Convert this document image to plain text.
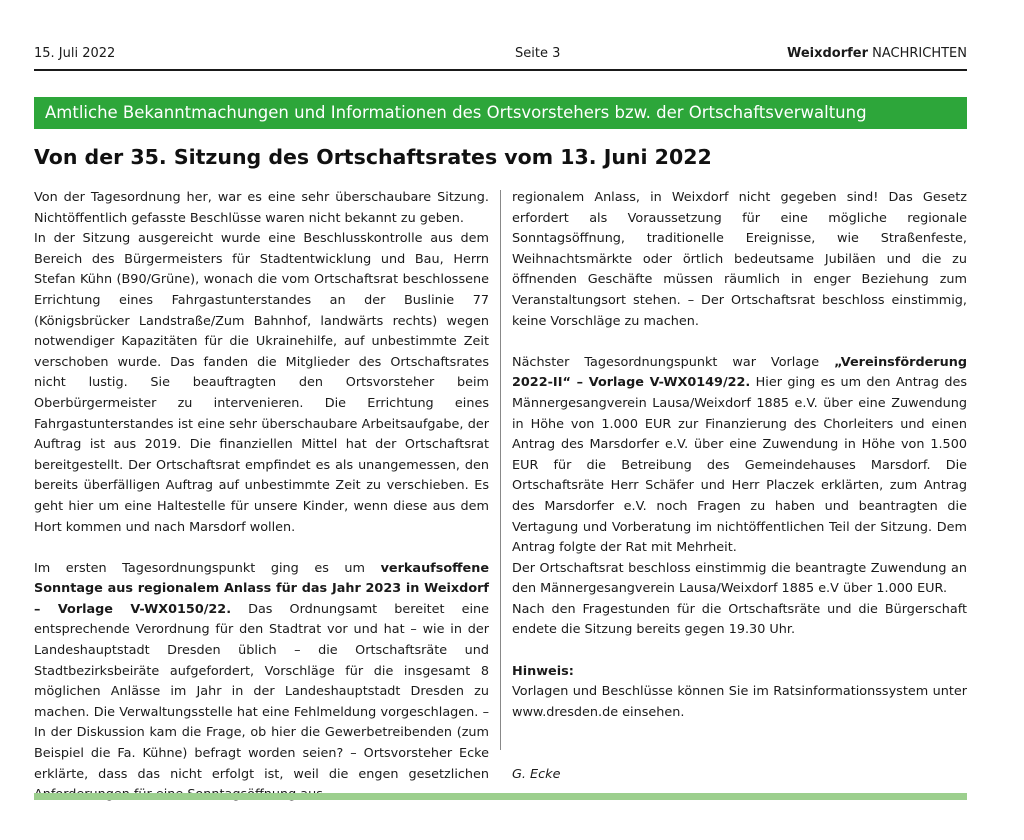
15. Juli 2022	Seite 3	Weixdorfer NACHRICHTEN
Amtliche Bekanntmachungen und Informationen des Ortsvorstehers bzw. der Ortschaftsverwaltung
Von der 35. Sitzung des Ortschaftsrates vom 13. Juni 2022

Von der Tagesordnung her, war es eine sehr überschaubare Sitzung. Nichtöffentlich gefasste Beschlüsse waren nicht bekannt zu geben.

In der Sitzung ausgereicht wurde eine Beschlusskontrolle aus dem Bereich des Bürgermeisters für Stadtentwicklung und Bau, Herrn Stefan Kühn (B90/Grüne), wonach die vom Ortschaftsrat beschlossene Errichtung eines Fahrgastunterstandes an der Buslinie 77 (Königsbrücker Landstraße/Zum Bahnhof, landwärts rechts) wegen notwendiger Kapazitäten für die Ukrainehilfe, auf unbestimmte Zeit verschoben wurde. Das fanden die Mitglieder des Ortschaftsrates nicht lustig. Sie beauftragten den Ortsvorsteher beim Oberbürgermeister zu intervenieren. Die Errichtung eines Fahrgastunterstandes ist eine sehr überschaubare Arbeitsaufgabe, der Auftrag ist aus 2019. Die finanziellen Mittel hat der Ortschaftsrat bereitgestellt. Der Ortschaftsrat empfindet es als unangemessen, den bereits überfälligen Auftrag auf unbestimmte Zeit zu verschieben. Es geht hier um eine Haltestelle für unsere Kinder, wenn diese aus dem Hort kommen und nach Marsdorf wollen.

Im ersten Tagesordnungspunkt ging es um verkaufsoffene Sonntage aus regionalem Anlass für das Jahr 2023 in Weixdorf – Vorlage V-WX0150/22. Das Ordnungsamt bereitet eine entsprechende Verordnung für den Stadtrat vor und hat – wie in der Landeshauptstadt Dresden üblich – die Ortschaftsräte und Stadtbezirksbeiräte aufgefordert, Vorschläge für die insgesamt 8 möglichen Anlässe im Jahr in der Landeshauptstadt Dresden zu machen. Die Verwaltungsstelle hat eine Fehlmeldung vorgeschlagen. – In der Diskussion kam die Frage, ob hier die Gewerbetreibenden (zum Beispiel die Fa. Kühne) befragt worden seien? – Ortsvorsteher Ecke erklärte, dass das nicht erfolgt ist, weil die engen gesetzlichen

regionalem Anlass, in Weixdorf nicht gegeben sind! Das Gesetz erfordert als Voraussetzung für eine mögliche regionale Sonntagsöffnung, traditionelle Ereignisse, wie Straßenfeste, Weihnachtsmärkte oder örtlich bedeutsame Jubiläen und die zu öffnenden Geschäfte müssen räumlich in enger Beziehung zum Veranstaltungsort stehen. – Der Ortschaftsrat beschloss einstimmig, keine Vorschläge zu machen.

Nächster Tagesordnungspunkt war Vorlage „Vereinsförderung 2022-II“ – Vorlage V-WX0149/22. Hier ging es um den Antrag des Männergesangverein Lausa/Weixdorf 1885 e.V. über eine Zuwendung in Höhe von 1.000 EUR zur Finanzierung des Chorleiters und einen Antrag des Marsdorfer e.V. über eine Zuwendung in Höhe von 1.500 EUR für die Betreibung des Gemeindehauses Marsdorf. Die Ortschaftsräte Herr Schäfer und Herr Placzek erklärten, zum Antrag des Marsdorfer e.V. noch Fragen zu haben und beantragten die Vertagung und Vorberatung im nichtöffentlichen Teil der Sitzung. Dem Antrag folgte der Rat mit Mehrheit.

Der Ortschaftsrat beschloss einstimmig die beantragte Zuwendung an den Männergesangverein Lausa/Weixdorf 1885 e.V über 1.000 EUR.

Nach den Fragestunden für die Ortschaftsräte und die Bürgerschaft endete die Sitzung bereits gegen 19.30 Uhr.

Hinweis:

Vorlagen und Beschlüsse können Sie im Ratsinformationssystem unter www.dresden.de einsehen.

G. Ecke
